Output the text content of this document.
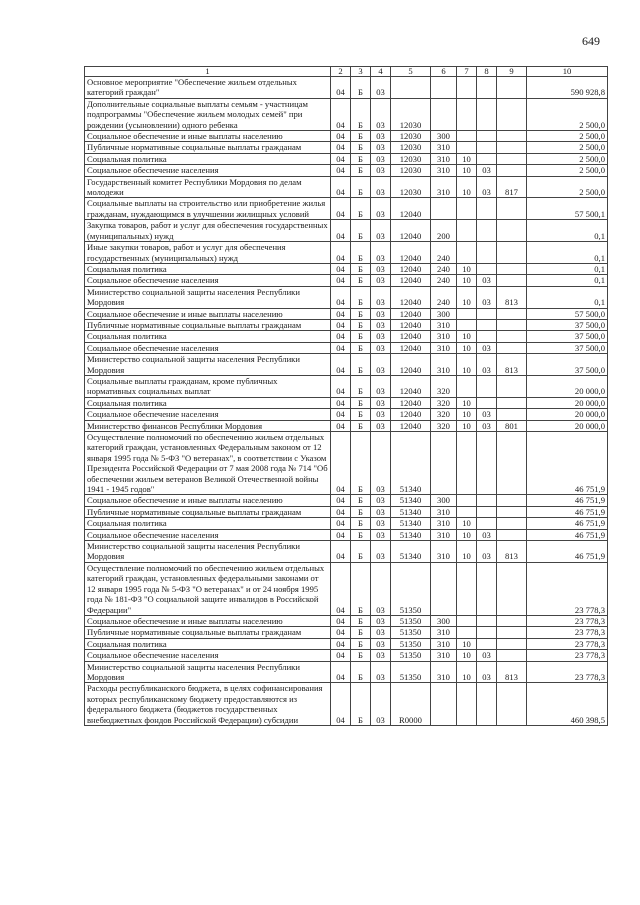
649
1	2	3	4	5	6	7	8	9	10
Основное мероприятие "Обеспечение жильем отдельных категорий граждан"	04	Б	03						590 928,8
Дополнительные социальные выплаты семьям - участницам подпрограммы "Обеспечение жильем молодых семей" при рождении (усыновлении) одного ребенка	04	Б	03	12030					2 500,0
Социальное обеспечение и иные выплаты населению	04	Б	03	12030	300				2 500,0
Публичные нормативные социальные выплаты гражданам	04	Б	03	12030	310				2 500,0
Социальная политика	04	Б	03	12030	310	10			2 500,0
Социальное обеспечение населения	04	Б	03	12030	310	10	03		2 500,0
Государственный комитет Республики Мордовия по делам молодежи	04	Б	03	12030	310	10	03	817	2 500,0
Социальные выплаты на строительство или приобретение жилья гражданам, нуждающимся в улучшении жилищных условий	04	Б	03	12040					57 500,1
Закупка товаров, работ и услуг для обеспечения государственных (муниципальных) нужд	04	Б	03	12040	200				0,1
Иные закупки товаров, работ и услуг для обеспечения государственных (муниципальных) нужд	04	Б	03	12040	240				0,1
Социальная политика	04	Б	03	12040	240	10			0,1
Социальное обеспечение населения	04	Б	03	12040	240	10	03		0,1
Министерство социальной защиты населения Республики Мордовия	04	Б	03	12040	240	10	03	813	0,1
Социальное обеспечение и иные выплаты населению	04	Б	03	12040	300				57 500,0
Публичные нормативные социальные выплаты гражданам	04	Б	03	12040	310				37 500,0
Социальная политика	04	Б	03	12040	310	10			37 500,0
Социальное обеспечение населения	04	Б	03	12040	310	10	03		37 500,0
Министерство социальной защиты населения Республики Мордовия	04	Б	03	12040	310	10	03	813	37 500,0
Социальные выплаты гражданам, кроме публичных нормативных социальных выплат	04	Б	03	12040	320				20 000,0
Социальная политика	04	Б	03	12040	320	10			20 000,0
Социальное обеспечение населения	04	Б	03	12040	320	10	03		20 000,0
Министерство финансов Республики Мордовия	04	Б	03	12040	320	10	03	801	20 000,0
Осуществление полномочий по обеспечению жильем отдельных категорий граждан, установленных Федеральным законом от 12 января 1995 года № 5-ФЗ "О ветеранах", в соответствии с Указом Президента Российской Федерации от 7 мая 2008 года № 714 "Об обеспечении жильем ветеранов Великой Отечественной войны 1941 - 1945 годов"	04	Б	03	51340					46 751,9
Социальное обеспечение и иные выплаты населению	04	Б	03	51340	300				46 751,9
Публичные нормативные социальные выплаты гражданам	04	Б	03	51340	310				46 751,9
Социальная политика	04	Б	03	51340	310	10			46 751,9
Социальное обеспечение населения	04	Б	03	51340	310	10	03		46 751,9
Министерство социальной защиты населения Республики Мордовия	04	Б	03	51340	310	10	03	813	46 751,9
Осуществление полномочий по обеспечению жильем отдельных категорий граждан, установленных федеральными законами от 12 января 1995 года № 5-ФЗ "О ветеранах" и от 24 ноября 1995 года № 181-ФЗ "О социальной защите инвалидов в Российской Федерации"	04	Б	03	51350					23 778,3
Социальное обеспечение и иные выплаты населению	04	Б	03	51350	300				23 778,3
Публичные нормативные социальные выплаты гражданам	04	Б	03	51350	310				23 778,3
Социальная политика	04	Б	03	51350	310	10			23 778,3
Социальное обеспечение населения	04	Б	03	51350	310	10	03		23 778,3
Министерство социальной защиты населения Республики Мордовия	04	Б	03	51350	310	10	03	813	23 778,3
Расходы республиканского бюджета, в целях софинансирования которых республиканскому бюджету предоставляются из федерального бюджета (бюджетов государственных внебюджетных фондов Российской Федерации) субсидии	04	Б	03	R0000					460 398,5
